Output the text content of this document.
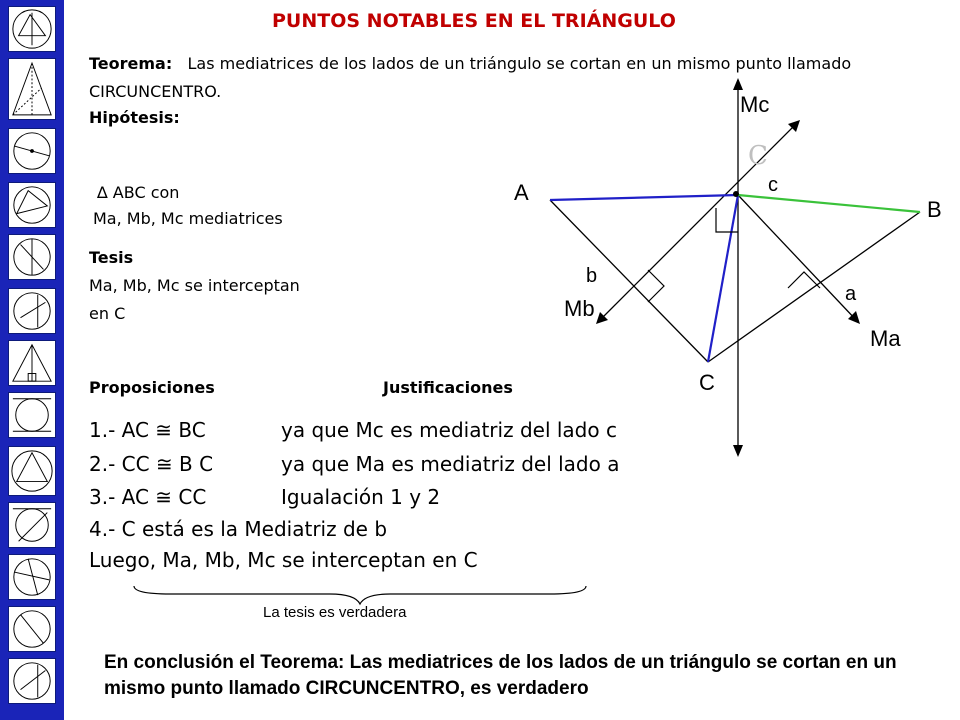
PUNTOS NOTABLES EN EL TRIÁNGULO
Teorema: Las mediatrices de los lados de un triángulo se cortan en un mismo punto llamado CIRCUNCENTRO.
Hipótesis:
∆ ABC con
Ma, Mb, Mc mediatrices
Tesis
Ma, Mb, Mc se interceptan
en C
Proposiciones	Justificaciones
1.- AC ≅ BC	ya que Mc es mediatriz del lado c
2.- CC ≅ B C	ya que Ma es mediatriz del lado a
3.- AC ≅ CC	Igualación 1 y 2
4.- C está es la Mediatriz de b
Luego, Ma, Mb, Mc se interceptan en C
La tesis es verdadera
En conclusión el Teorema: Las mediatrices de los lados de un triángulo se cortan en un mismo punto llamado CIRCUNCENTRO, es verdadero
Mc
C
c
A
B
b
a
Mb
Ma
C
